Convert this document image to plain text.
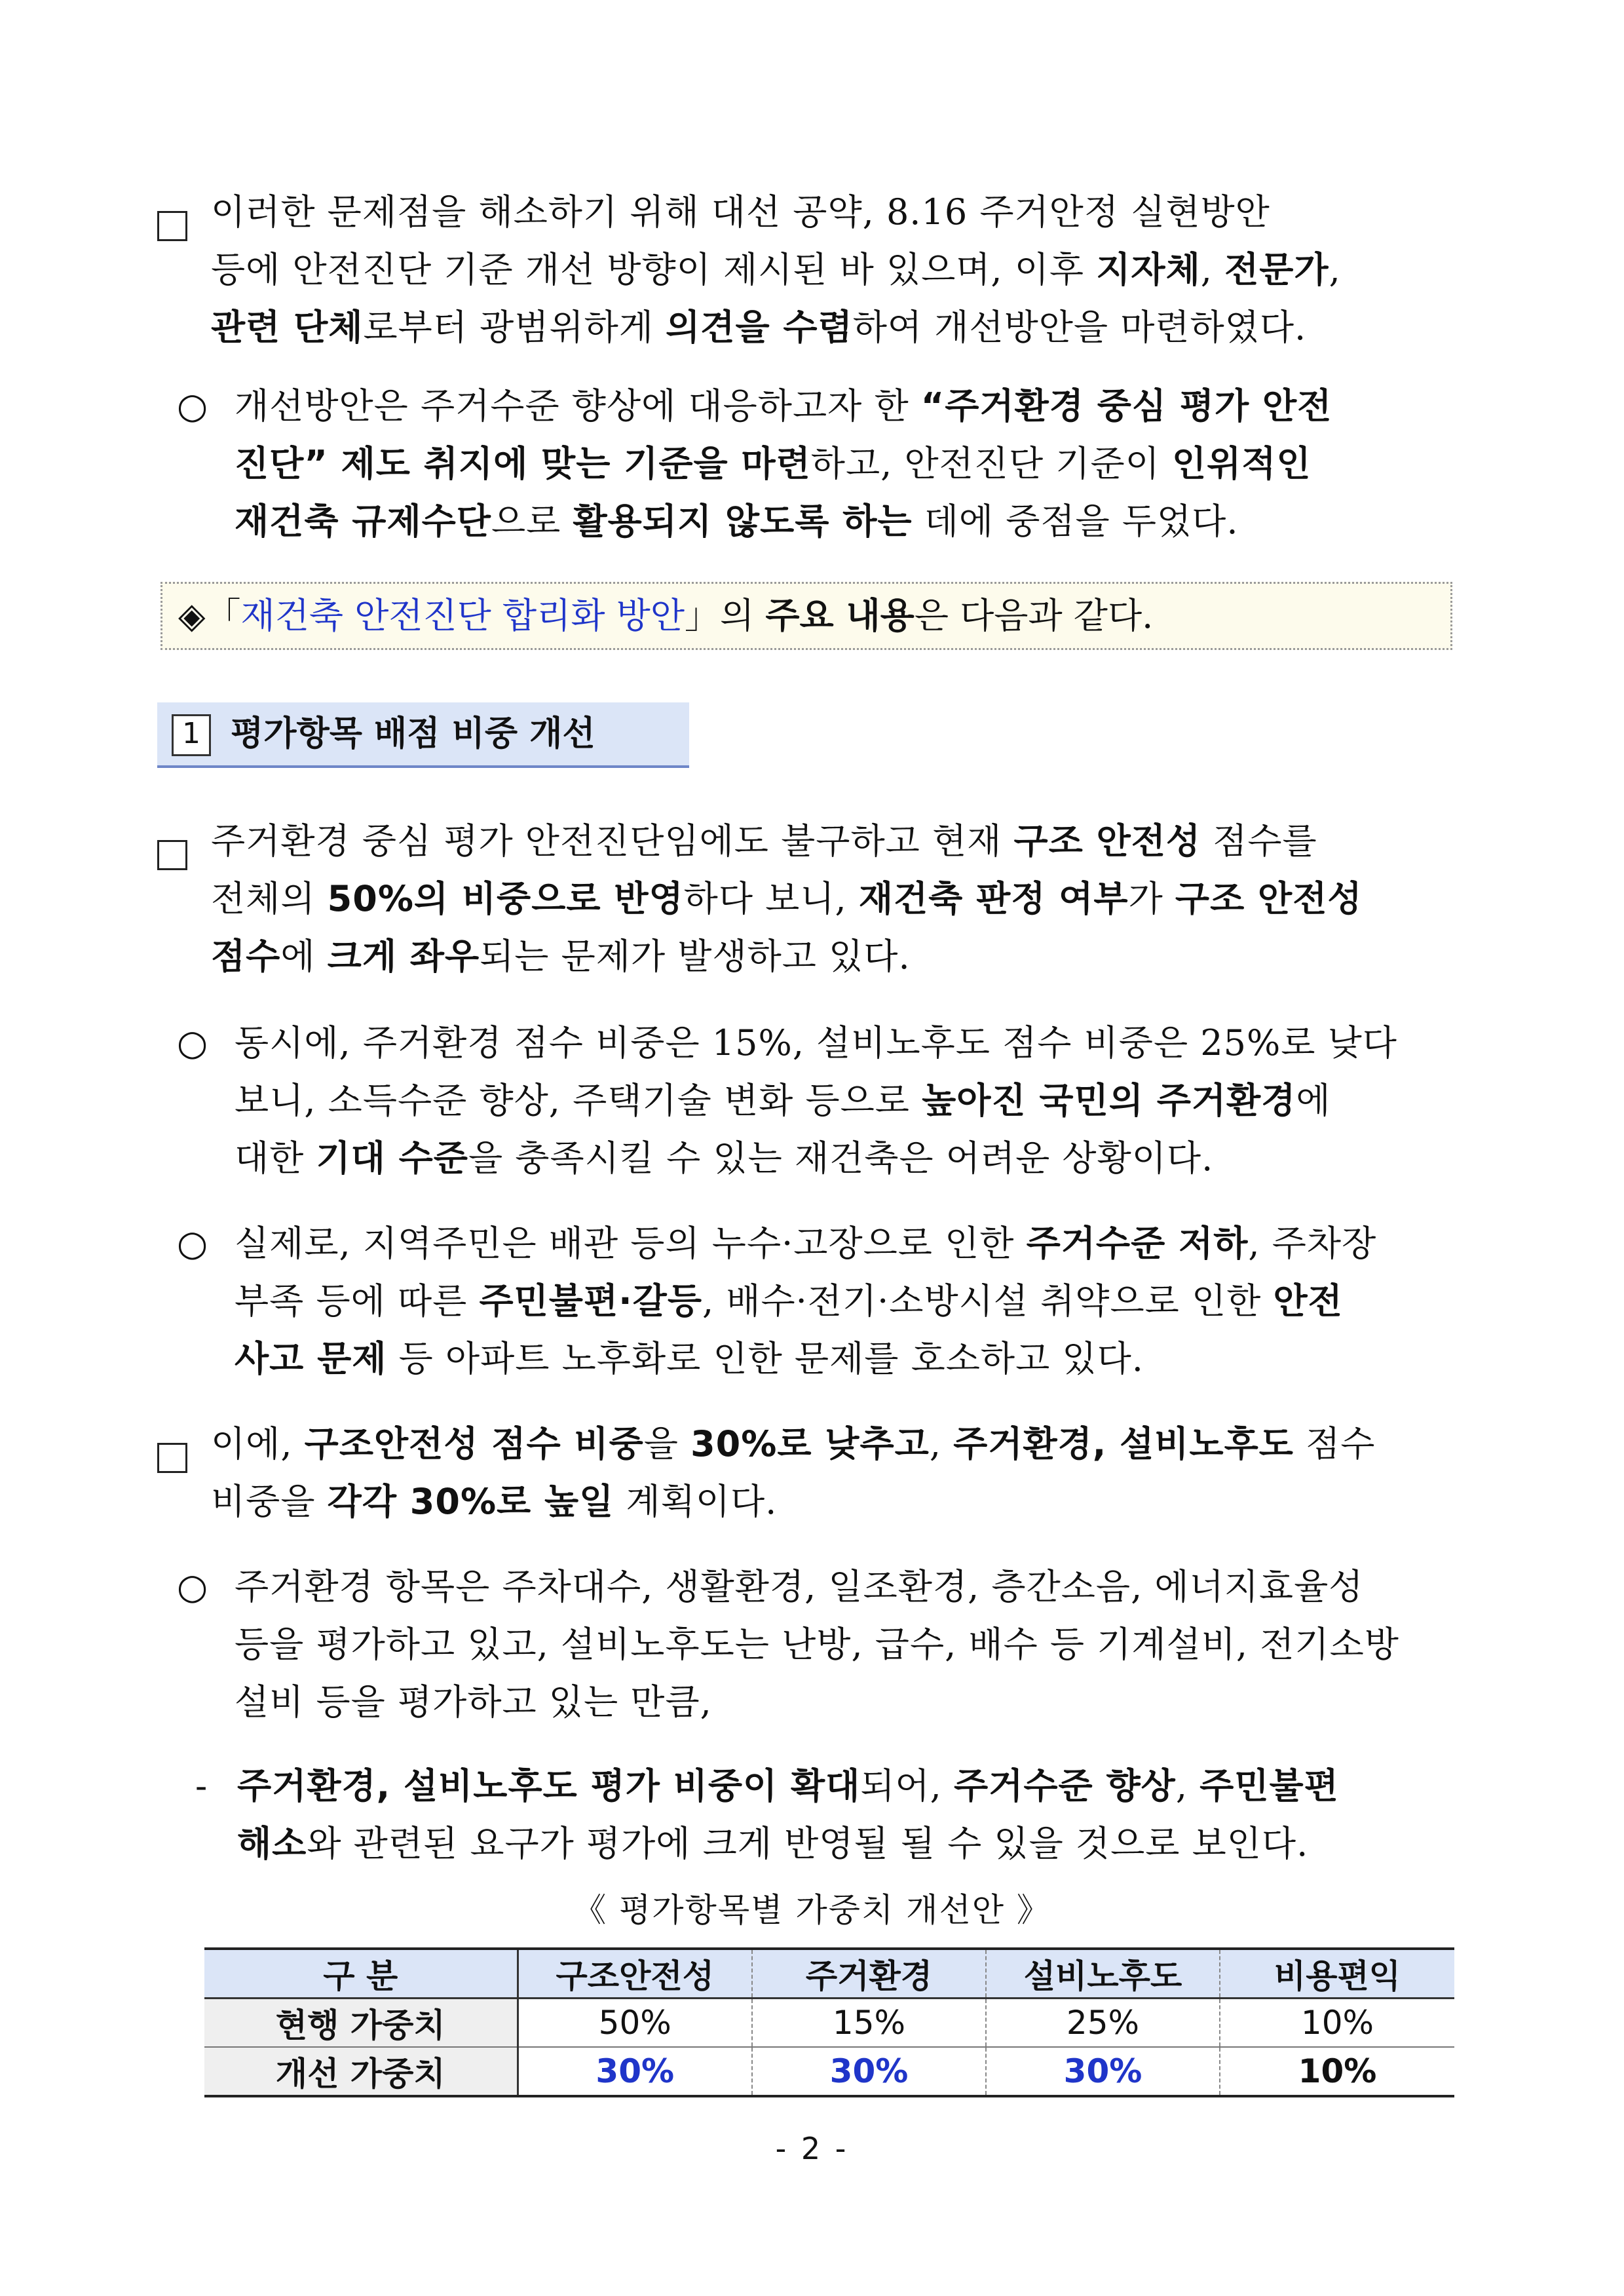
이러한 문제점을 해소하기 위해 대선 공약, 8.16 주거안정 실현방안
등에 안전진단 기준 개선 방향이 제시된 바 있으며, 이후 지자체, 전문가,
관련 단체로부터 광범위하게 의견을 수렴하여 개선방안을 마련하였다.
○ 개선방안은 주거수준 향상에 대응하고자 한 “주거환경 중심 평가 안전
진단” 제도 취지에 맞는 기준을 마련하고, 안전진단 기준이 인위적인
재건축 규제수단으로 활용되지 않도록 하는 데에 중점을 두었다.
◈「재건축 안전진단 합리화 방안」의 주요 내용은 다음과 같다.
1 평가항목 배점 비중 개선
주거환경 중심 평가 안전진단임에도 불구하고 현재 구조 안전성 점수를
전체의 50%의 비중으로 반영하다 보니, 재건축 판정 여부가 구조 안전성
점수에 크게 좌우되는 문제가 발생하고 있다.
○ 동시에, 주거환경 점수 비중은 15%, 설비노후도 점수 비중은 25%로 낮다
보니, 소득수준 향상, 주택기술 변화 등으로 높아진 국민의 주거환경에
대한 기대 수준을 충족시킬 수 있는 재건축은 어려운 상황이다.
○ 실제로, 지역주민은 배관 등의 누수·고장으로 인한 주거수준 저하, 주차장
부족 등에 따른 주민불편·갈등, 배수·전기·소방시설 취약으로 인한 안전
사고 문제 등 아파트 노후화로 인한 문제를 호소하고 있다.
이에, 구조안전성 점수 비중을 30%로 낮추고, 주거환경, 설비노후도 점수
비중을 각각 30%로 높일 계획이다.
○ 주거환경 항목은 주차대수, 생활환경, 일조환경, 층간소음, 에너지효율성
등을 평가하고 있고, 설비노후도는 난방, 급수, 배수 등 기계설비, 전기소방
설비 등을 평가하고 있는 만큼,
- 주거환경, 설비노후도 평가 비중이 확대되어, 주거수준 향상, 주민불편
해소와 관련된 요구가 평가에 크게 반영될 될 수 있을 것으로 보인다.
《 평가항목별 가중치 개선안 》
구 분	구조안전성	주거환경	설비노후도	비용편익
현행 가중치	50%	15%	25%	10%
개선 가중치	30%	30%	30%	10%
- 2 -
